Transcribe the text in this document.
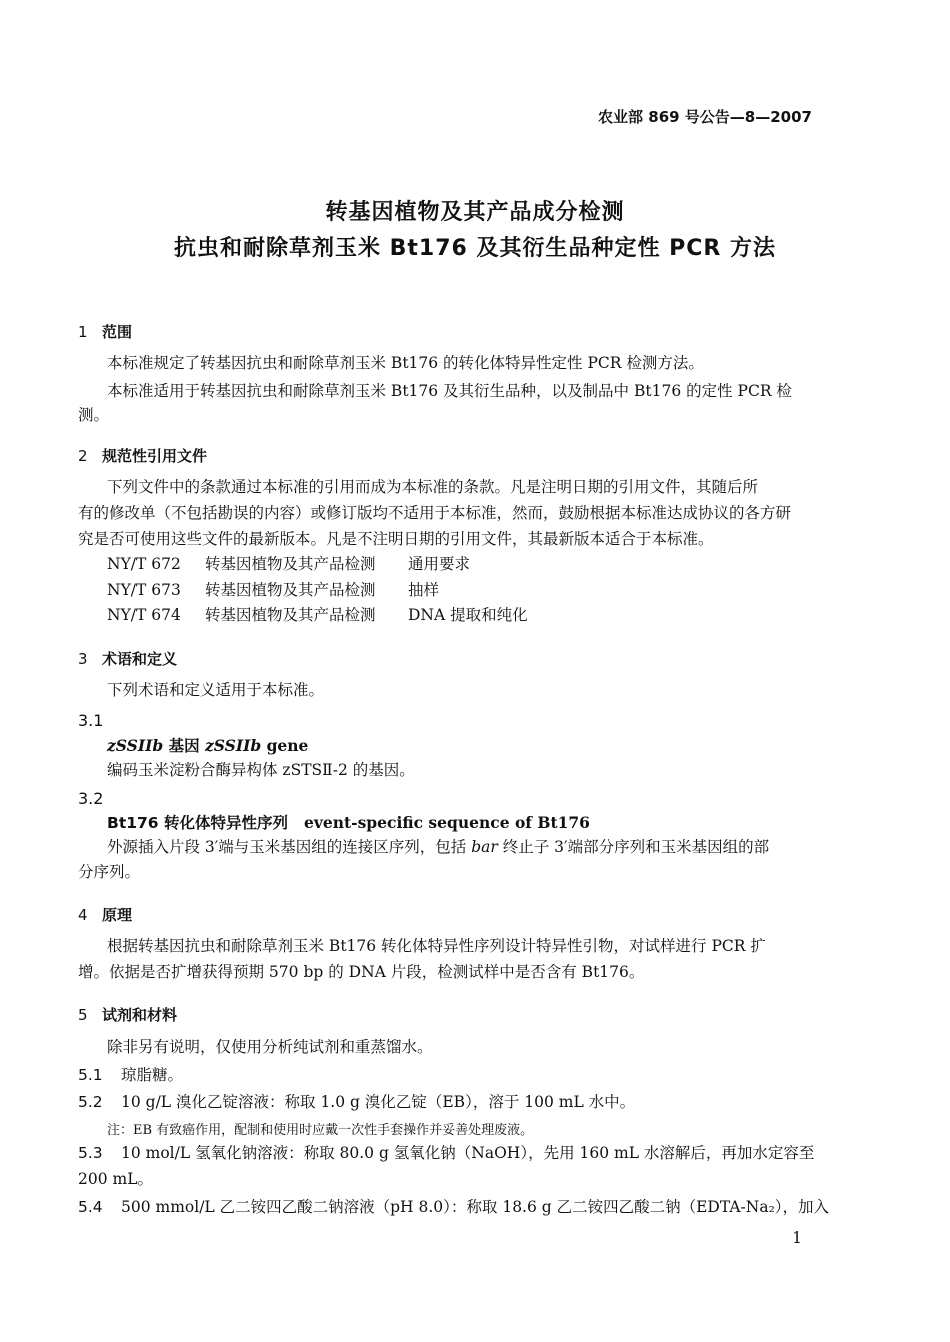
农业部 869 号公告—8—2007
转基因植物及其产品成分检测
抗虫和耐除草剂玉米 Bt176 及其衍生品种定性 PCR 方法
1 范围
本标准规定了转基因抗虫和耐除草剂玉米 Bt176 的转化体特异性定性 PCR 检测方法。
本标准适用于转基因抗虫和耐除草剂玉米 Bt176 及其衍生品种，以及制品中 Bt176 的定性 PCR 检
测。
2 规范性引用文件
下列文件中的条款通过本标准的引用而成为本标准的条款。凡是注明日期的引用文件，其随后所
有的修改单（不包括勘误的内容）或修订版均不适用于本标准，然而，鼓励根据本标准达成协议的各方研
究是否可使用这些文件的最新版本。凡是不注明日期的引用文件，其最新版本适合于本标准。
NY/T 672 转基因植物及其产品检测 通用要求
NY/T 673 转基因植物及其产品检测 抽样
NY/T 674 转基因植物及其产品检测 DNA 提取和纯化
3 术语和定义
下列术语和定义适用于本标准。
3.1
zSSIIb 基因 zSSIIb gene
编码玉米淀粉合酶异构体 zSTSⅡ-2 的基因。
3.2
Bt176 转化体特异性序列 event-specific sequence of Bt176
外源插入片段 3′端与玉米基因组的连接区序列，包括 bar 终止子 3′端部分序列和玉米基因组的部
分序列。
4 原理
根据转基因抗虫和耐除草剂玉米 Bt176 转化体特异性序列设计特异性引物，对试样进行 PCR 扩
增。依据是否扩增获得预期 570 bp 的 DNA 片段，检测试样中是否含有 Bt176。
5 试剂和材料
除非另有说明，仅使用分析纯试剂和重蒸馏水。
5.1 琼脂糖。
5.2 10 g/L 溴化乙锭溶液：称取 1.0 g 溴化乙锭（EB），溶于 100 mL 水中。
注：EB 有致癌作用，配制和使用时应戴一次性手套操作并妥善处理废液。
5.3 10 mol/L 氢氧化钠溶液：称取 80.0 g 氢氧化钠（NaOH），先用 160 mL 水溶解后，再加水定容至
200 mL。
5.4 500 mmol/L 乙二铵四乙酸二钠溶液（pH 8.0）：称取 18.6 g 乙二铵四乙酸二钠（EDTA-Na₂），加入
1
